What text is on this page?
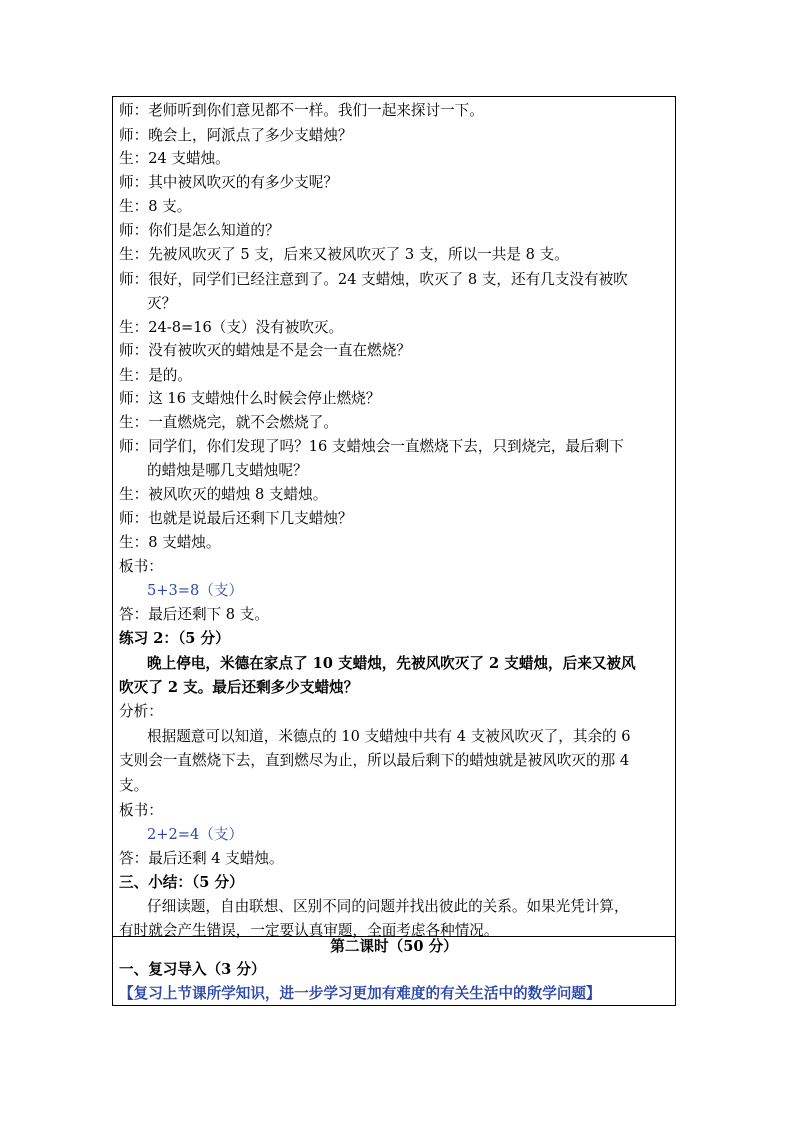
师：老师听到你们意见都不一样。我们一起来探讨一下。
师：晚会上，阿派点了多少支蜡烛？
生：24 支蜡烛。
师：其中被风吹灭的有多少支呢？
生：8 支。
师：你们是怎么知道的？
生：先被风吹灭了 5 支，后来又被风吹灭了 3 支，所以一共是 8 支。
师：很好，同学们已经注意到了。24 支蜡烛，吹灭了 8 支，还有几支没有被吹
灭？
生：24-8=16（支）没有被吹灭。
师：没有被吹灭的蜡烛是不是会一直在燃烧？
生：是的。
师：这 16 支蜡烛什么时候会停止燃烧？
生：一直燃烧完，就不会燃烧了。
师：同学们，你们发现了吗？16 支蜡烛会一直燃烧下去，只到烧完，最后剩下
的蜡烛是哪几支蜡烛呢？
生：被风吹灭的蜡烛 8 支蜡烛。
师：也就是说最后还剩下几支蜡烛？
生：8 支蜡烛。
板书：
5+3=8（支）
答：最后还剩下 8 支。
练习 2：（5 分）
晚上停电，米德在家点了 10 支蜡烛，先被风吹灭了 2 支蜡烛，后来又被风
吹灭了 2 支。最后还剩多少支蜡烛？
分析：
根据题意可以知道，米德点的 10 支蜡烛中共有 4 支被风吹灭了，其余的 6
支则会一直燃烧下去，直到燃尽为止，所以最后剩下的蜡烛就是被风吹灭的那 4
支。
板书：
2+2=4（支）
答：最后还剩 4 支蜡烛。
三、小结：（5 分）
仔细读题，自由联想、区别不同的问题并找出彼此的关系。如果光凭计算，
有时就会产生错误，一定要认真审题，全面考虑各种情况。
第二课时（50 分）
一、复习导入（3 分）
【复习上节课所学知识，进一步学习更加有难度的有关生活中的数学问题】
